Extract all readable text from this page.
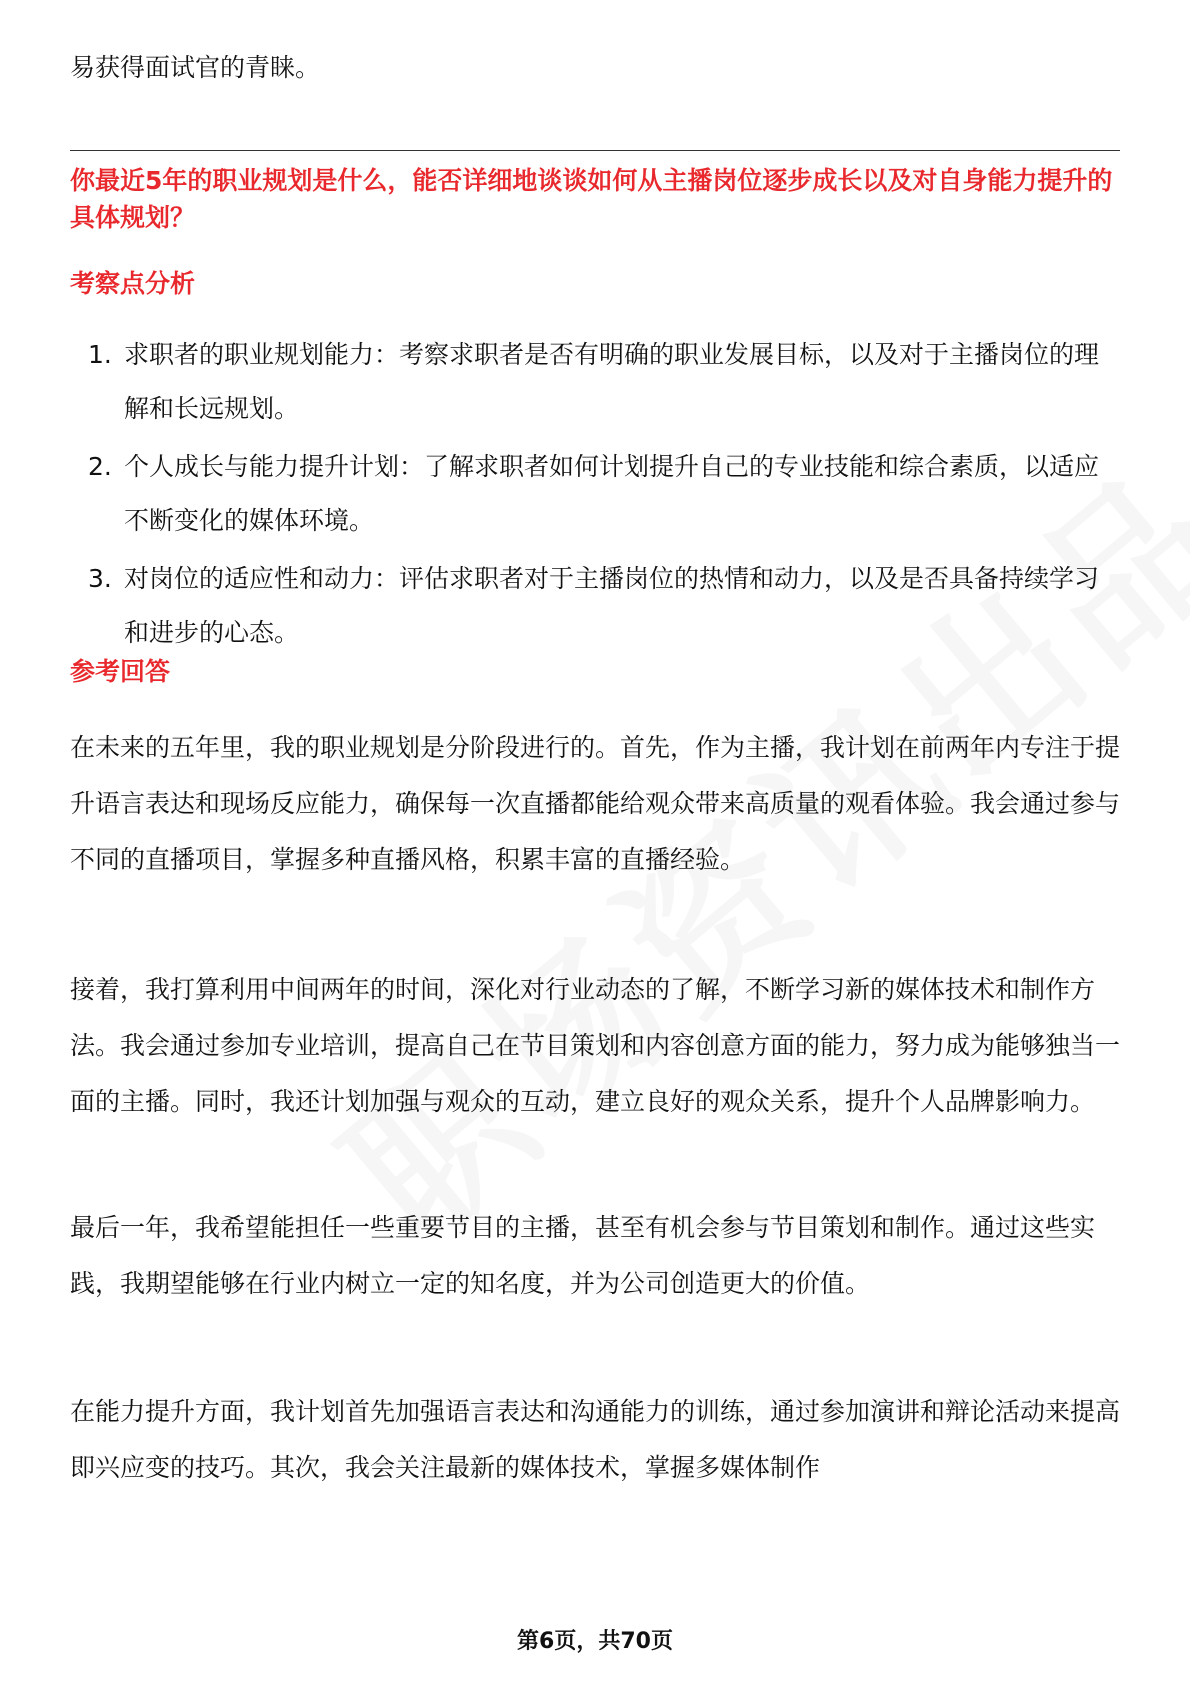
易获得面试官的青睐。
你最近5年的职业规划是什么，能否详细地谈谈如何从主播岗位逐步成长以及对自身能力提升的具体规划？
考察点分析
1. 求职者的职业规划能力：考察求职者是否有明确的职业发展目标，以及对于主播岗位的理解和长远规划。
2. 个人成长与能力提升计划：了解求职者如何计划提升自己的专业技能和综合素质，以适应不断变化的媒体环境。
3. 对岗位的适应性和动力：评估求职者对于主播岗位的热情和动力，以及是否具备持续学习和进步的心态。
参考回答
在未来的五年里，我的职业规划是分阶段进行的。首先，作为主播，我计划在前两年内专注于提升语言表达和现场反应能力，确保每一次直播都能给观众带来高质量的观看体验。我会通过参与不同的直播项目，掌握多种直播风格，积累丰富的直播经验。
接着，我打算利用中间两年的时间，深化对行业动态的了解，不断学习新的媒体技术和制作方法。我会通过参加专业培训，提高自己在节目策划和内容创意方面的能力，努力成为能够独当一面的主播。同时，我还计划加强与观众的互动，建立良好的观众关系，提升个人品牌影响力。
最后一年，我希望能担任一些重要节目的主播，甚至有机会参与节目策划和制作。通过这些实践，我期望能够在行业内树立一定的知名度，并为公司创造更大的价值。
在能力提升方面，我计划首先加强语言表达和沟通能力的训练，通过参加演讲和辩论活动来提高即兴应变的技巧。其次，我会关注最新的媒体技术，掌握多媒体制作
第6页，共70页
